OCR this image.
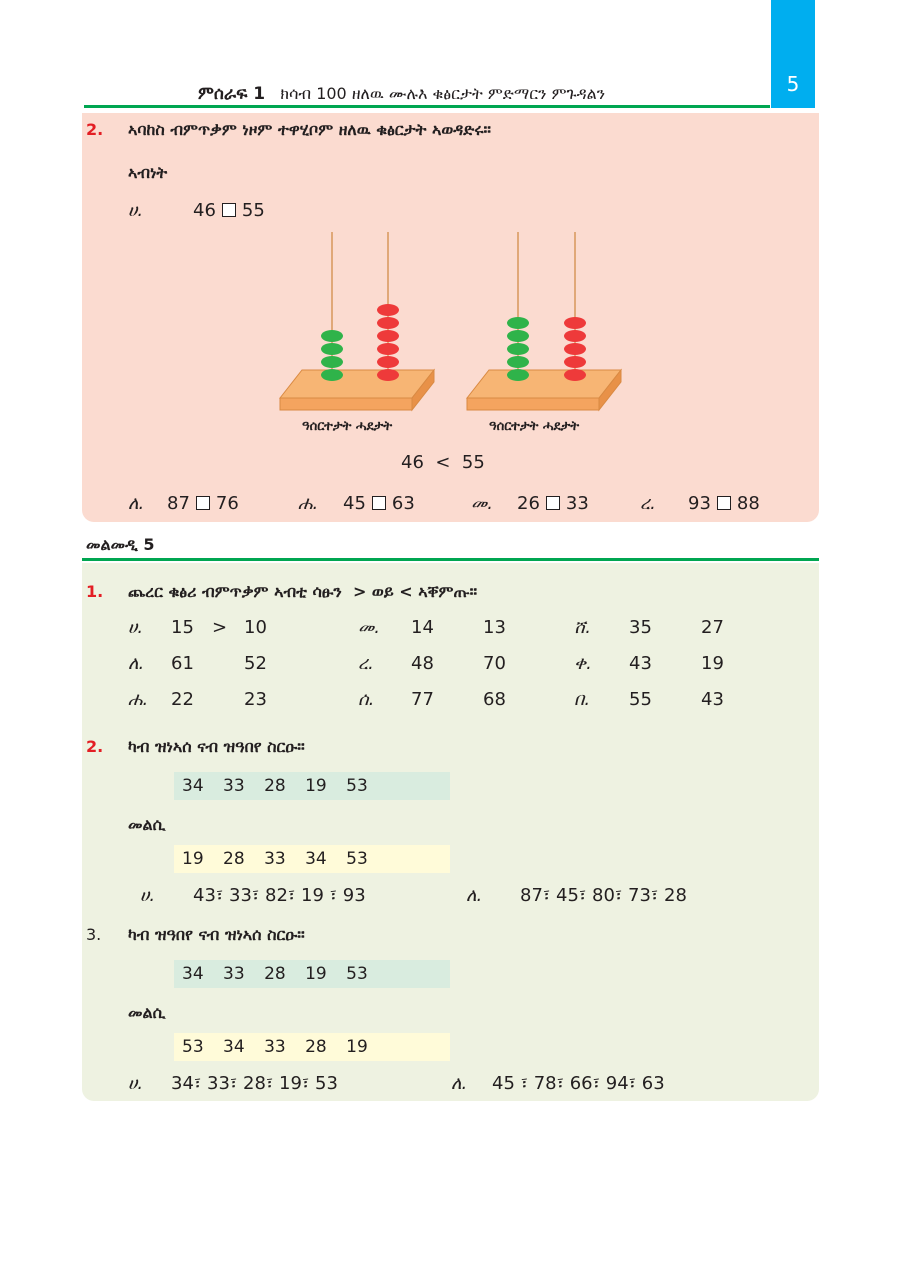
5
ምሰራፍ 1 ክሳብ 100 ዘለዉ ሙሉእ ቁፅርታት ምድማርን ምጉዳልን
2. ኣባከስ ብምጥቃም ነዞም ተዋሂቦም ዘለዉ ቁፅርታት ኣወዳድሩ።
ኣብነት
ሀ.	46 55
ዓሰርተታት ሓደታት	ዓሰርተታት ሓደታት
46  <  55
ለ. 87 76	ሐ. 45 63	መ. 26 33	ረ. 93 88
መልመዲ 5
1. ጨረር ቁፅሪ ብምጥቃም ኣብቲ ሳፁን  > ወይ < ኣቐምጡ።
ሀ. 15 > 10	መ. 14	13	ሸ. 35	27
ለ. 61	52	ረ. 48	70	ቀ. 43	19
ሐ. 22	23	ሰ. 77	68	በ. 55	43
2. ካብ ዝነኣሰ ናብ ዝዓበየ ስርዑ።
34 33 28 19 53
መልሲ
19 28 33 34 53
ሀ. 43፣ 33፣ 82፣ 19 ፣ 93	ለ. 87፣ 45፣ 80፣ 73፣ 28
3. ካብ ዝዓበየ ናብ ዝነኣሰ ስርዑ።
34 33 28 19 53
መልሲ
53 34 33 28 19
ሀ. 34፣ 33፣ 28፣ 19፣ 53	ለ. 45 ፣ 78፣ 66፣ 94፣ 63
